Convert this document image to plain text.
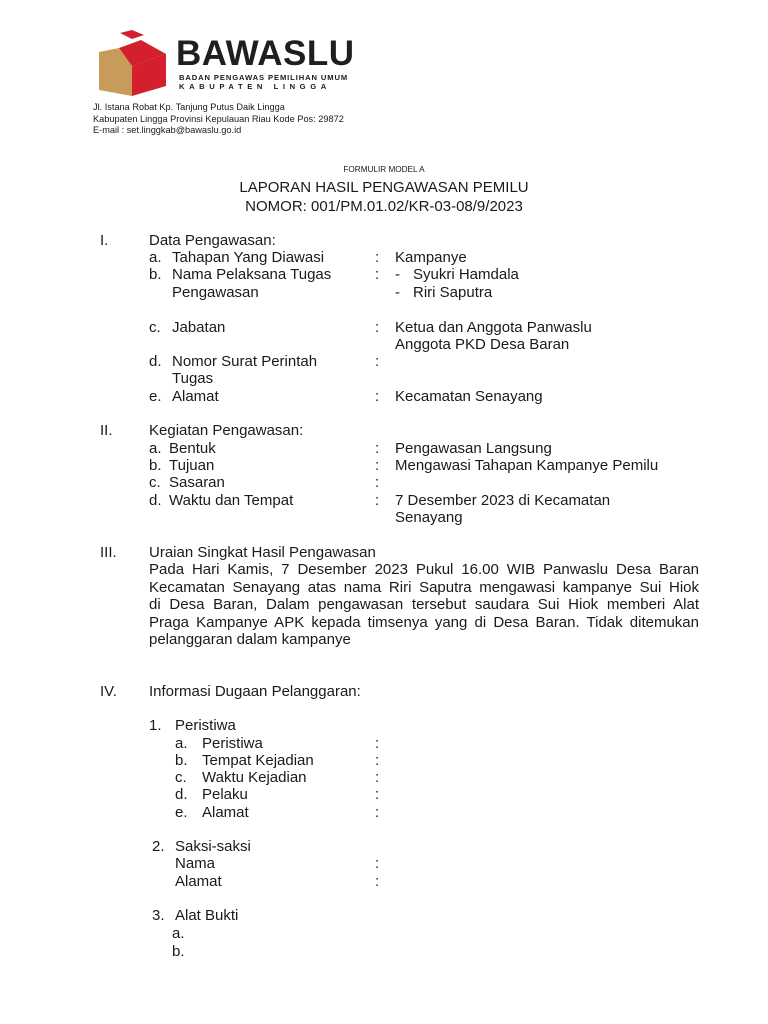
BAWASLU
BADAN PENGAWAS PEMILIHAN UMUM
KABUPATEN LINGGA
Jl. Istana Robat Kp. Tanjung Putus Daik Lingga
Kabupaten Lingga Provinsi Kepulauan Riau Kode Pos: 29872
E-mail : set.linggkab@bawaslu.go.id
FORMULIR MODEL A
LAPORAN HASIL PENGAWASAN PEMILU
NOMOR: 001/PM.01.02/KR-03-08/9/2023
I.	Data Pengawasan:
a. Tahapan Yang Diawasi	: Kampanye
b. Nama Pelaksana Tugas
Pengawasan
: - Syukri Hamdala
- Riri Saputra
c. Jabatan	: Ketua dan Anggota Panwaslu
Anggota PKD Desa Baran
d. Nomor Surat Perintah
Tugas
:
e. Alamat	: Kecamatan Senayang
II. Kegiatan Pengawasan:
a. Bentuk	: Pengawasan Langsung
b. Tujuan	: Mengawasi Tahapan Kampanye Pemilu
c. Sasaran	:
d. Waktu dan Tempat	: 7 Desember 2023 di Kecamatan
Senayang
III. Uraian Singkat Hasil Pengawasan
Pada Hari Kamis, 7 Desember 2023 Pukul 16.00 WIB Panwaslu Desa Baran
Kecamatan Senayang atas nama Riri Saputra mengawasi kampanye Sui Hiok
di Desa Baran, Dalam pengawasan tersebut saudara Sui Hiok memberi Alat
Praga Kampanye APK kepada timsenya yang di Desa Baran. Tidak ditemukan
pelanggaran dalam kampanye
IV. Informasi Dugaan Pelanggaran:
1. Peristiwa
a. Peristiwa	:
b. Tempat Kejadian	:
c. Waktu Kejadian	:
d. Pelaku	:
e. Alamat	:
2. Saksi-saksi
Nama	:
Alamat	:
3. Alat Bukti
a.
b.
